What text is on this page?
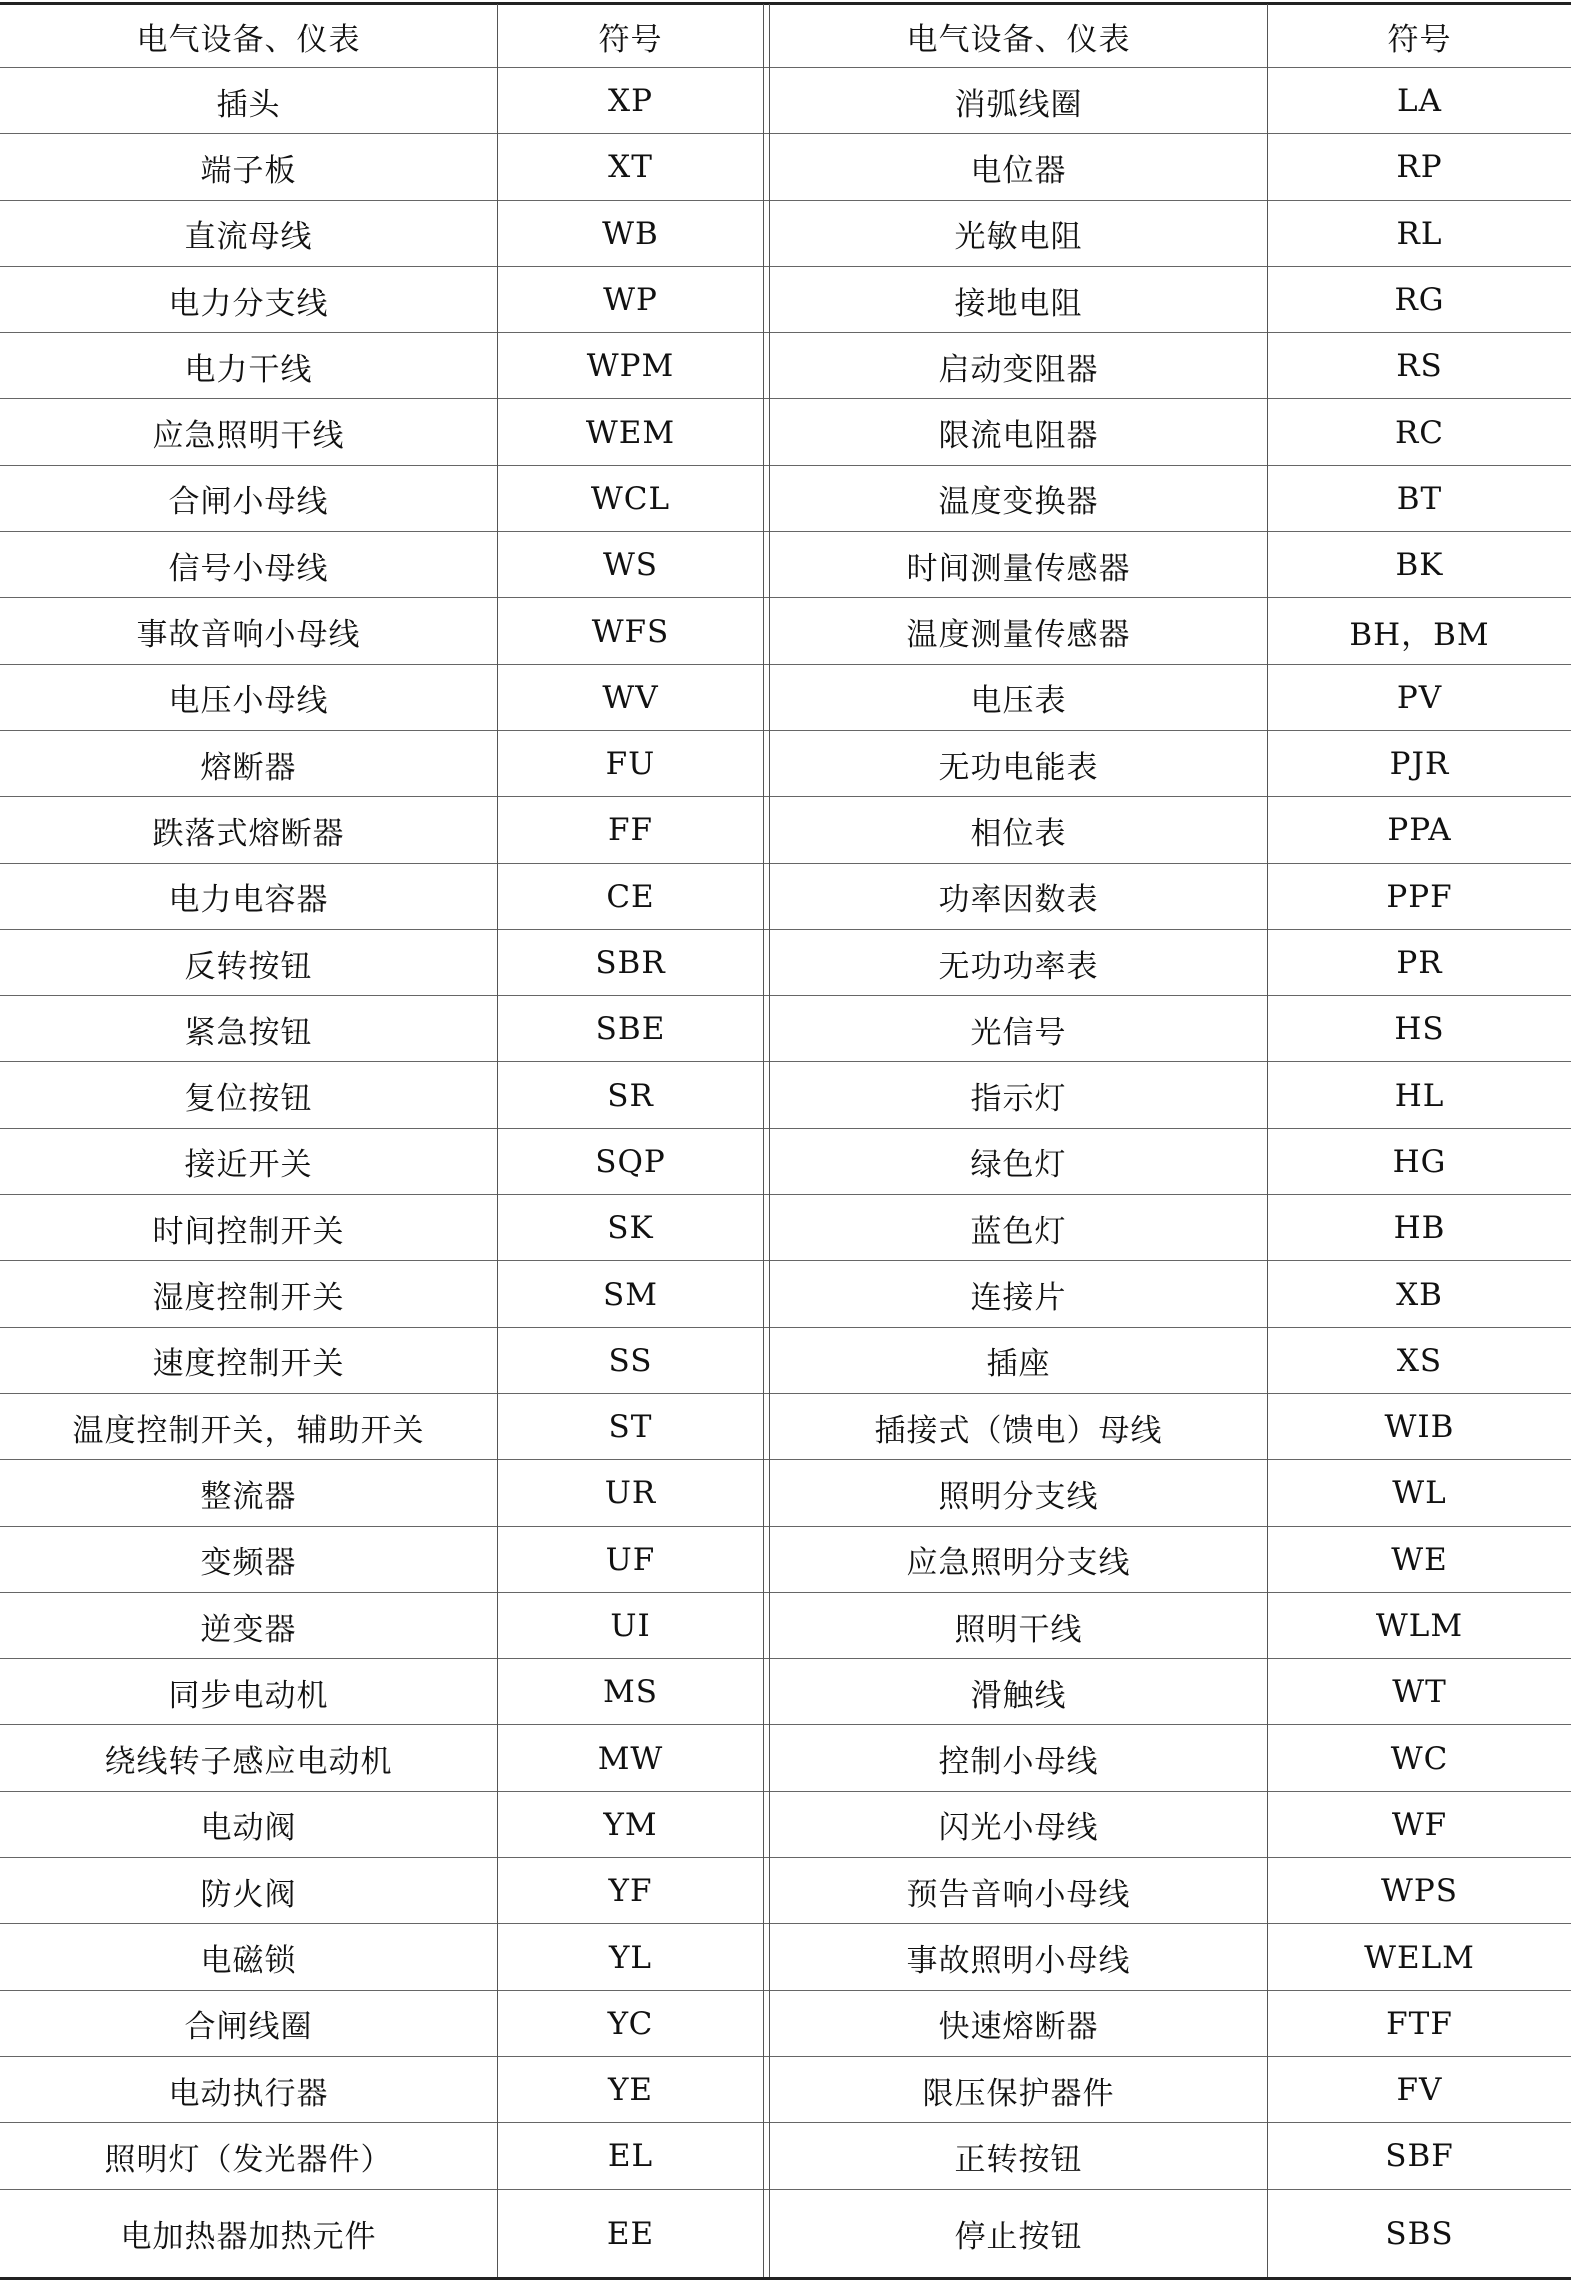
电气设备、仪表	符号	电气设备、仪表	符号
插头	XP	消弧线圈	LA
端子板	XT	电位器	RP
直流母线	WB	光敏电阻	RL
电力分支线	WP	接地电阻	RG
电力干线	WPM	启动变阻器	RS
应急照明干线	WEM	限流电阻器	RC
合闸小母线	WCL	温度变换器	BT
信号小母线	WS	时间测量传感器	BK
事故音响小母线	WFS	温度测量传感器	BH，BM
电压小母线	WV	电压表	PV
熔断器	FU	无功电能表	PJR
跌落式熔断器	FF	相位表	PPA
电力电容器	CE	功率因数表	PPF
反转按钮	SBR	无功功率表	PR
紧急按钮	SBE	光信号	HS
复位按钮	SR	指示灯	HL
接近开关	SQP	绿色灯	HG
时间控制开关	SK	蓝色灯	HB
湿度控制开关	SM	连接片	XB
速度控制开关	SS	插座	XS
温度控制开关，辅助开关	ST	插接式（馈电）母线	WIB
整流器	UR	照明分支线	WL
变频器	UF	应急照明分支线	WE
逆变器	UI	照明干线	WLM
同步电动机	MS	滑触线	WT
绕线转子感应电动机	MW	控制小母线	WC
电动阀	YM	闪光小母线	WF
防火阀	YF	预告音响小母线	WPS
电磁锁	YL	事故照明小母线	WELM
合闸线圈	YC	快速熔断器	FTF
电动执行器	YE	限压保护器件	FV
照明灯（发光器件）	EL	正转按钮	SBF
电加热器加热元件	EE	停止按钮	SBS
